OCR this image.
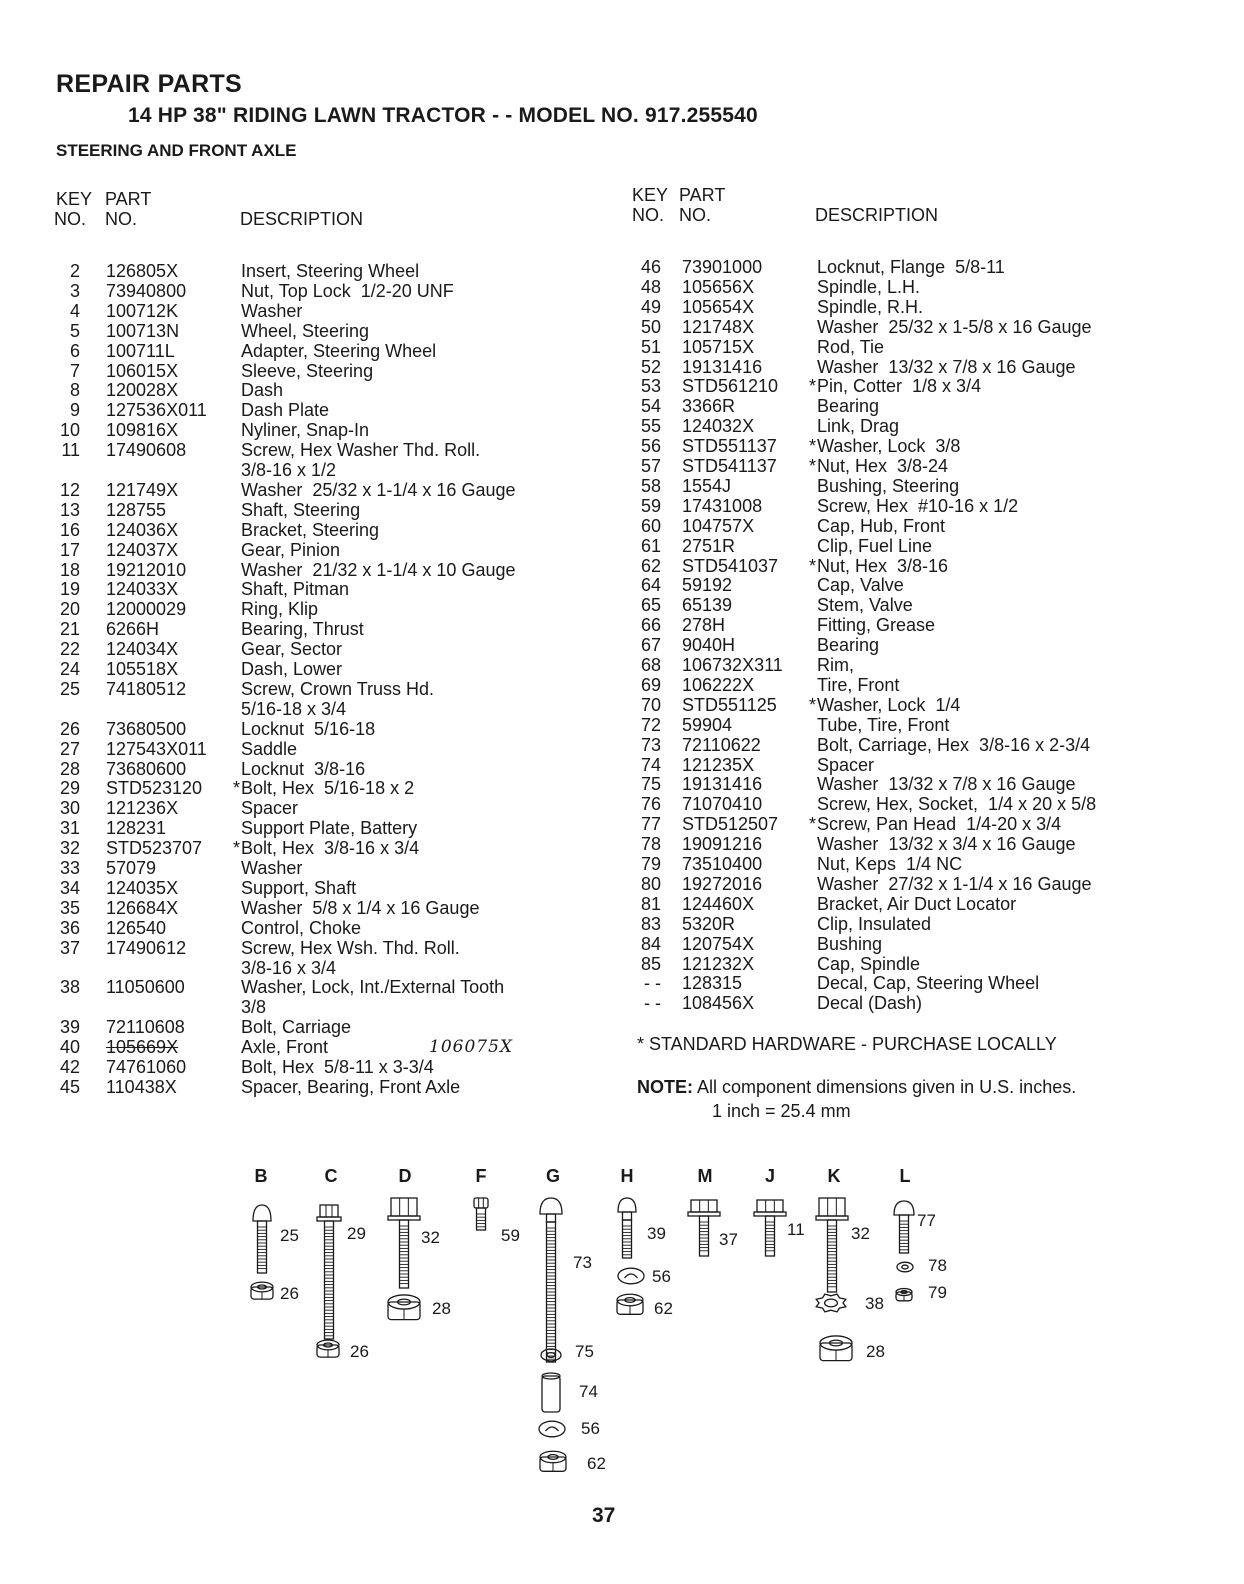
REPAIR PARTS
14 HP 38" RIDING LAWN TRACTOR - - MODEL NO. 917.255540
STEERING AND FRONT AXLE
KEY
NO.
PART
NO.	DESCRIPTION
KEY
NO.
PART
NO.	DESCRIPTION
2 126805X	Insert, Steering Wheel
3 73940800	Nut, Top Lock  1/2-20 UNF
4 100712K	Washer
5 100713N	Wheel, Steering
6 100711L	Adapter, Steering Wheel
7 106015X	Sleeve, Steering
8 120028X	Dash
9 127536X011 Dash Plate
10 109816X	Nyliner, Snap-In
11 17490608	Screw, Hex Washer Thd. Roll.
3/8-16 x 1/2
12 121749X	Washer  25/32 x 1-1/4 x 16 Gauge
13 128755	Shaft, Steering
16 124036X	Bracket, Steering
17 124037X	Gear, Pinion
18 19212010	Washer  21/32 x 1-1/4 x 10 Gauge
19 124033X	Shaft, Pitman
20 12000029	Ring, Klip
21 6266H	Bearing, Thrust
22 124034X	Gear, Sector
24 105518X	Dash, Lower
25 74180512	Screw, Crown Truss Hd.
5/16-18 x 3/4
26 73680500	Locknut  5/16-18
27 127543X011 Saddle
28 73680600	Locknut  3/8-16
29 STD523120 * Bolt, Hex  5/16-18 x 2
30 121236X	Spacer
31 128231	Support Plate, Battery
32 STD523707 * Bolt, Hex  3/8-16 x 3/4
33 57079	Washer
34 124035X	Support, Shaft
35 126684X	Washer  5/8 x 1/4 x 16 Gauge
36 126540	Control, Choke
37 17490612	Screw, Hex Wsh. Thd. Roll.
3/8-16 x 3/4
38 11050600	Washer, Lock, Int./External Tooth
3/8
39 72110608	Bolt, Carriage
40 105669X	Axle, Front	106075X
42 74761060	Bolt, Hex  5/8-11 x 3-3/4
45 110438X	Spacer, Bearing, Front Axle
46 73901000	Locknut, Flange  5/8-11
48 105656X	Spindle, L.H.
49 105654X	Spindle, R.H.
50 121748X	Washer  25/32 x 1-5/8 x 16 Gauge
51 105715X	Rod, Tie
52 19131416	Washer  13/32 x 7/8 x 16 Gauge
53 STD561210 * Pin, Cotter  1/8 x 3/4
54 3366R	Bearing
55 124032X	Link, Drag
56 STD551137 * Washer, Lock  3/8
57 STD541137 * Nut, Hex  3/8-24
58 1554J	Bushing, Steering
59 17431008	Screw, Hex  #10-16 x 1/2
60 104757X	Cap, Hub, Front
61 2751R	Clip, Fuel Line
62 STD541037 * Nut, Hex  3/8-16
64 59192	Cap, Valve
65 65139	Stem, Valve
66 278H	Fitting, Grease
67 9040H	Bearing
68 106732X311 Rim,
69 106222X	Tire, Front
70 STD551125 * Washer, Lock  1/4
72 59904	Tube, Tire, Front
73 72110622	Bolt, Carriage, Hex  3/8-16 x 2-3/4
74 121235X	Spacer
75 19131416	Washer  13/32 x 7/8 x 16 Gauge
76 71070410	Screw, Hex, Socket,  1/4 x 20 x 5/8
77 STD512507 * Screw, Pan Head  1/4-20 x 3/4
78 19091216	Washer  13/32 x 3/4 x 16 Gauge
79 73510400	Nut, Keps  1/4 NC
80 19272016	Washer  27/32 x 1-1/4 x 16 Gauge
81 124460X	Bracket, Air Duct Locator
83 5320R	Clip, Insulated
84 120754X	Bushing
85 121232X	Cap, Spindle
- - 128315	Decal, Cap, Steering Wheel
- - 108456X	Decal (Dash)
* STANDARD HARDWARE - PURCHASE LOCALLY
NOTE: All component dimensions given in U.S. inches.
1 inch = 25.4 mm
B	C	D	F	G	H	M	J	K	L
25
26
29
26
32
28
59
73
75
74
56
62
39
56
62
37
11	32
38
28
77
78
79
37
